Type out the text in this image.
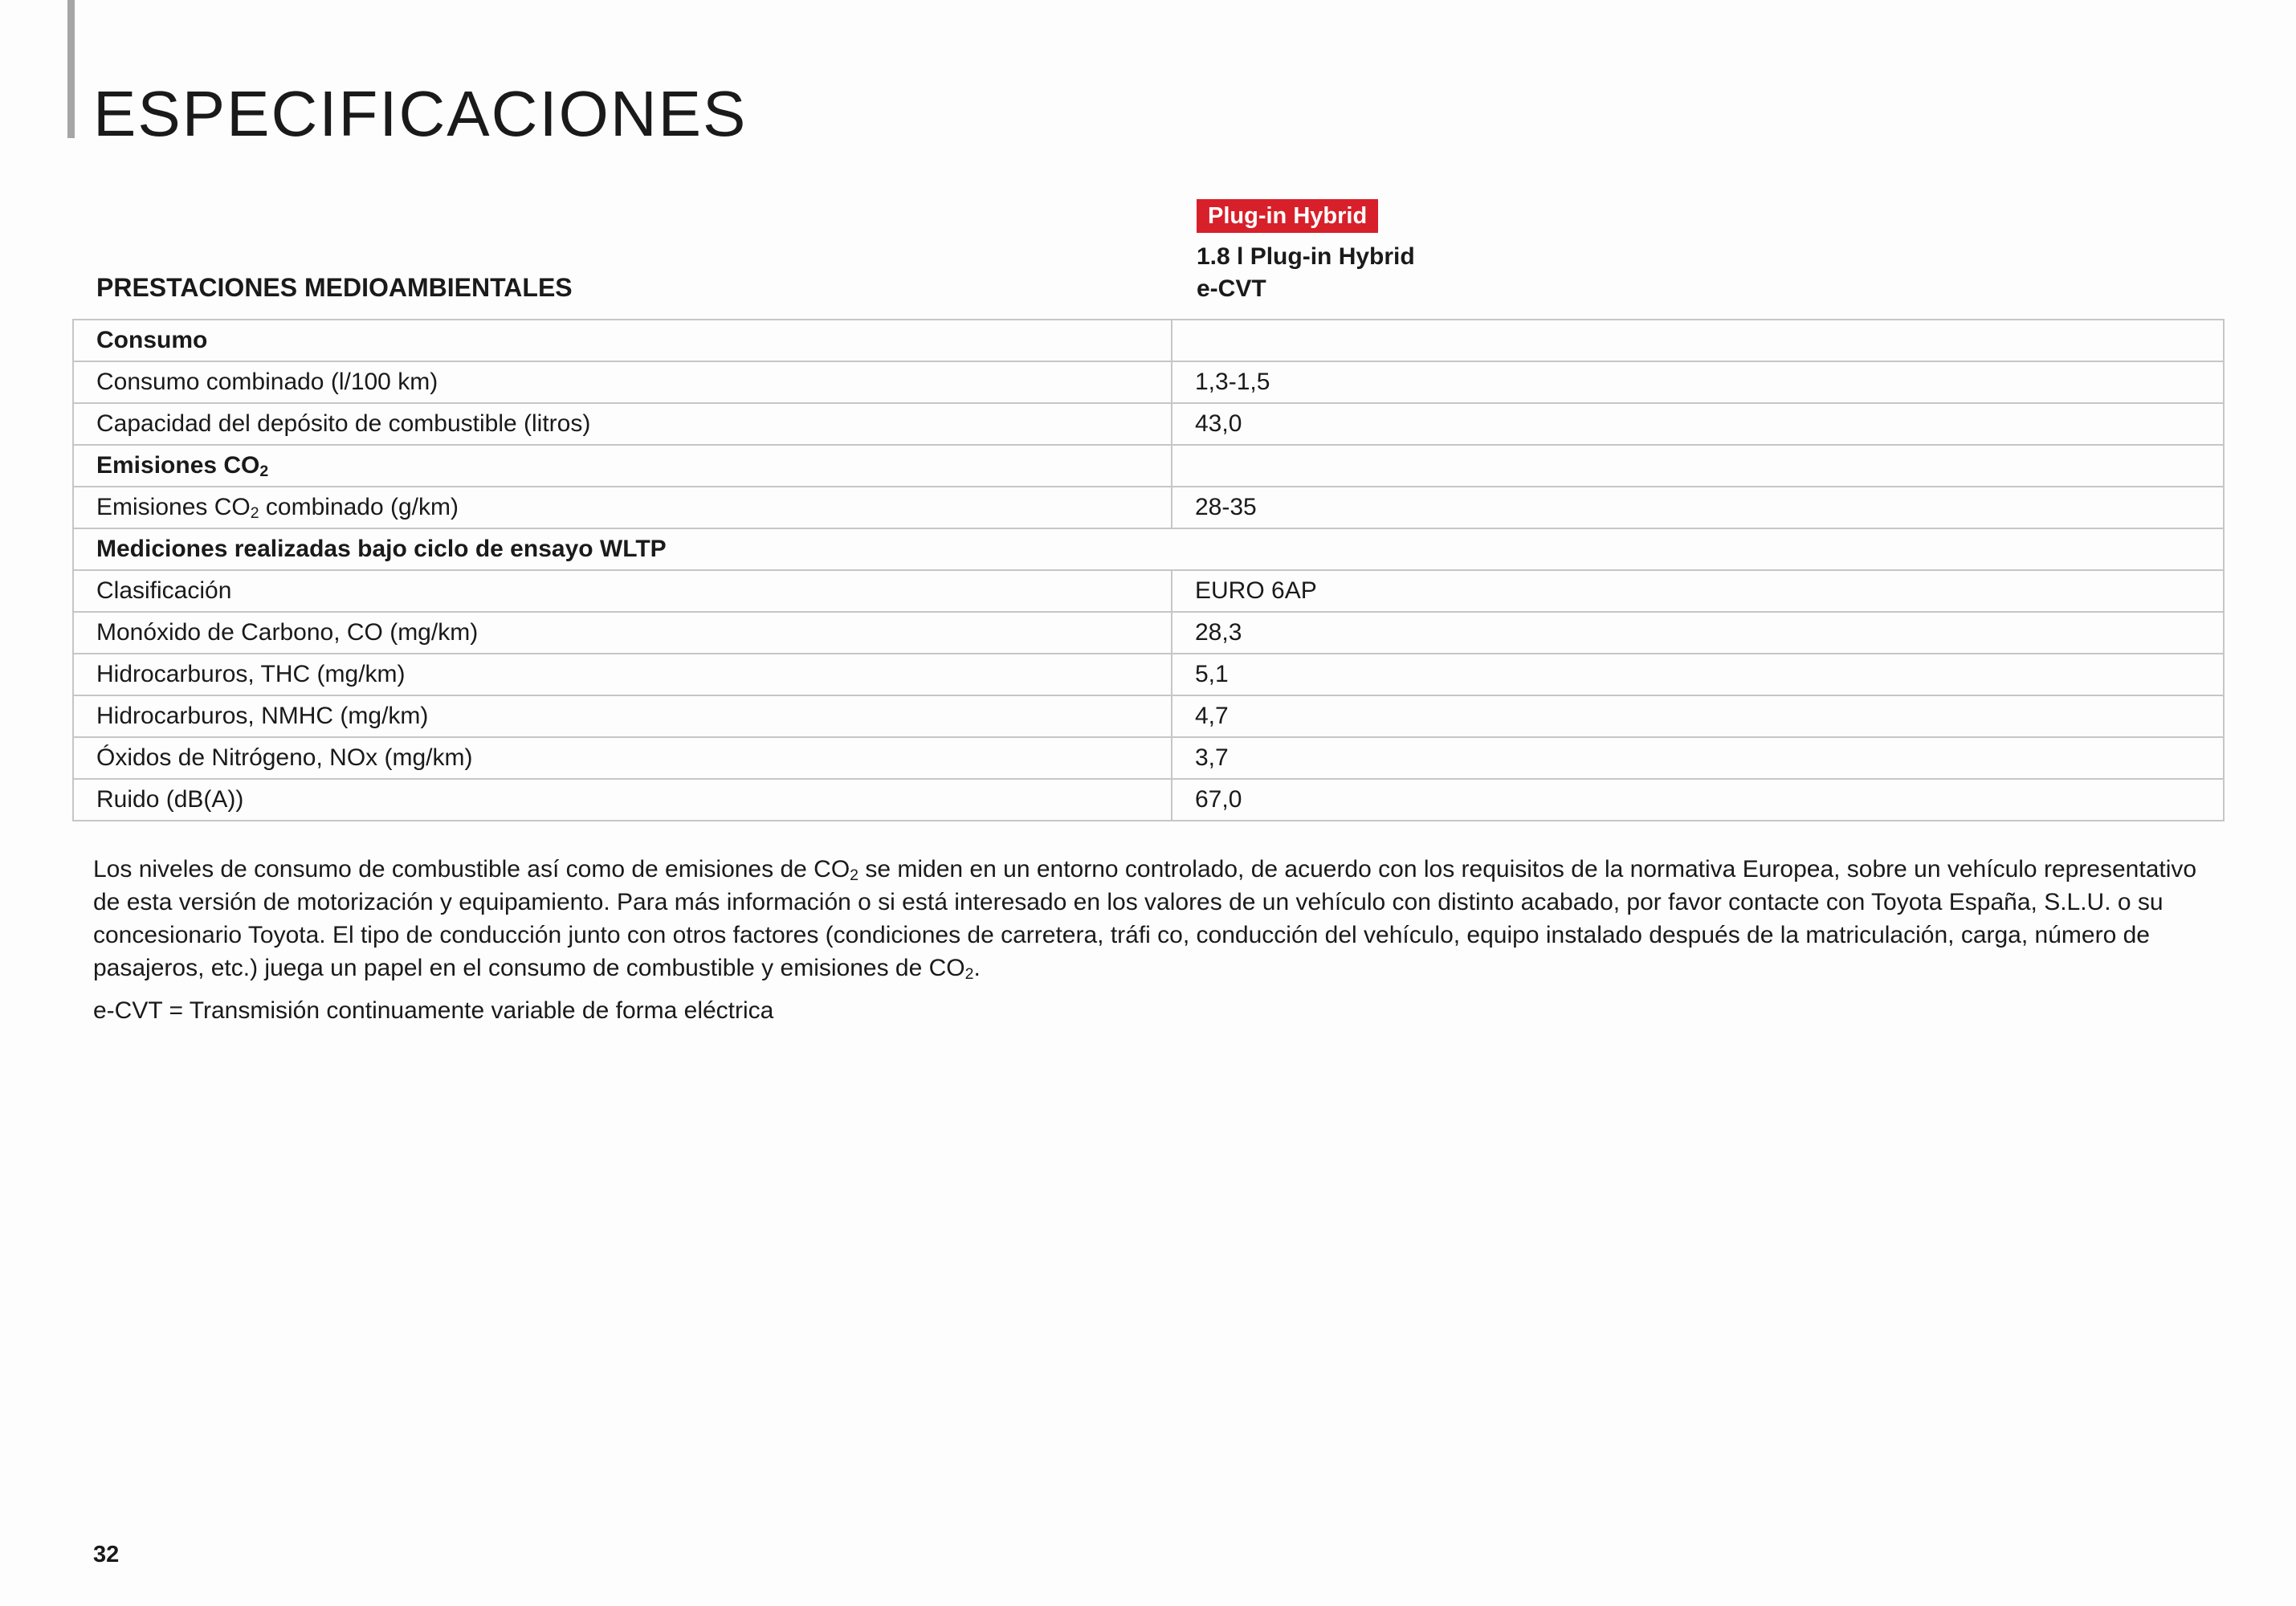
ESPECIFICACIONES
Plug-in Hybrid
1.8 l Plug-in Hybrid
e-CVT
PRESTACIONES MEDIOAMBIENTALES
Consumo	
Consumo combinado (l/100 km)	1,3-1,5
Capacidad del depósito de combustible (litros)	43,0
Emisiones $CO_2$	
Emisiones $CO_2$ combinado (g/km)	28-35
Mediciones realizadas bajo ciclo de ensayo WLTP	
Clasificación	EURO 6AP
Monóxido de Carbono, CO (mg/km)	28,3
Hidrocarburos, THC (mg/km)	5,1
Hidrocarburos, NMHC (mg/km)	4,7
Óxidos de Nitrógeno, NOx (mg/km)	3,7
Ruido (dB(A))	67,0

Los niveles de consumo de combustible así como de emisiones de $CO_2$ se miden en un entorno controlado, de acuerdo con los requisitos de la normativa Europea, sobre un vehículo representativo de esta versión de motorización y equipamiento. Para más información o si está interesado en los valores de un vehículo con distinto acabado, por favor contacte con Toyota España, S.L.U. o su concesionario Toyota. El tipo de conducción junto con otros factores (condiciones de carretera, tráfi co, conducción del vehículo, equipo instalado después de la matriculación, carga, número de pasajeros, etc.) juega un papel en el consumo de combustible y emisiones de $CO_2$.

e-CVT = Transmisión continuamente variable de forma eléctrica

32
